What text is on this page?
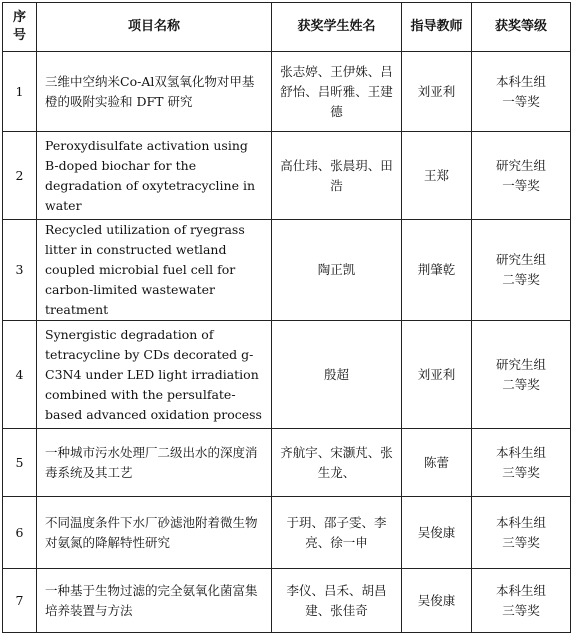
序号	项目名称	获奖学生姓名	指导教师	获奖等级
1	三维中空纳米Co-Al双氢氧化物对甲基橙的吸附实验和 DFT 研究	张志婷、王伊姝、吕舒怡、吕昕雅、王建德	刘亚利	本科生组一等奖
2	Peroxydisulfate activation using B-doped biochar for the degradation of oxytetracycline in water	高仕玮、张晨玥、田浩	王郑	研究生组一等奖
3	Recycled utilization of ryegrass litter in constructed wetland coupled microbial fuel cell for carbon-limited wastewater treatment	陶正凯	荆肇乾	研究生组二等奖
4	Synergistic degradation of tetracycline by CDs decorated g-C3N4 under LED light irradiation combined with the persulfate-based advanced oxidation process	殷超	刘亚利	研究生组二等奖
5	一种城市污水处理厂二级出水的深度消毒系统及其工艺	齐航宇、宋灏芃、张生龙、	陈蕾	本科生组三等奖
6	不同温度条件下水厂砂滤池附着微生物对氨氮的降解特性研究	于玥、邵子雯、李亮、徐一申	吴俊康	本科生组三等奖
7	一种基于生物过滤的完全氨氧化菌富集培养装置与方法	李仪、吕禾、胡昌建、张佳奇	吴俊康	本科生组三等奖
